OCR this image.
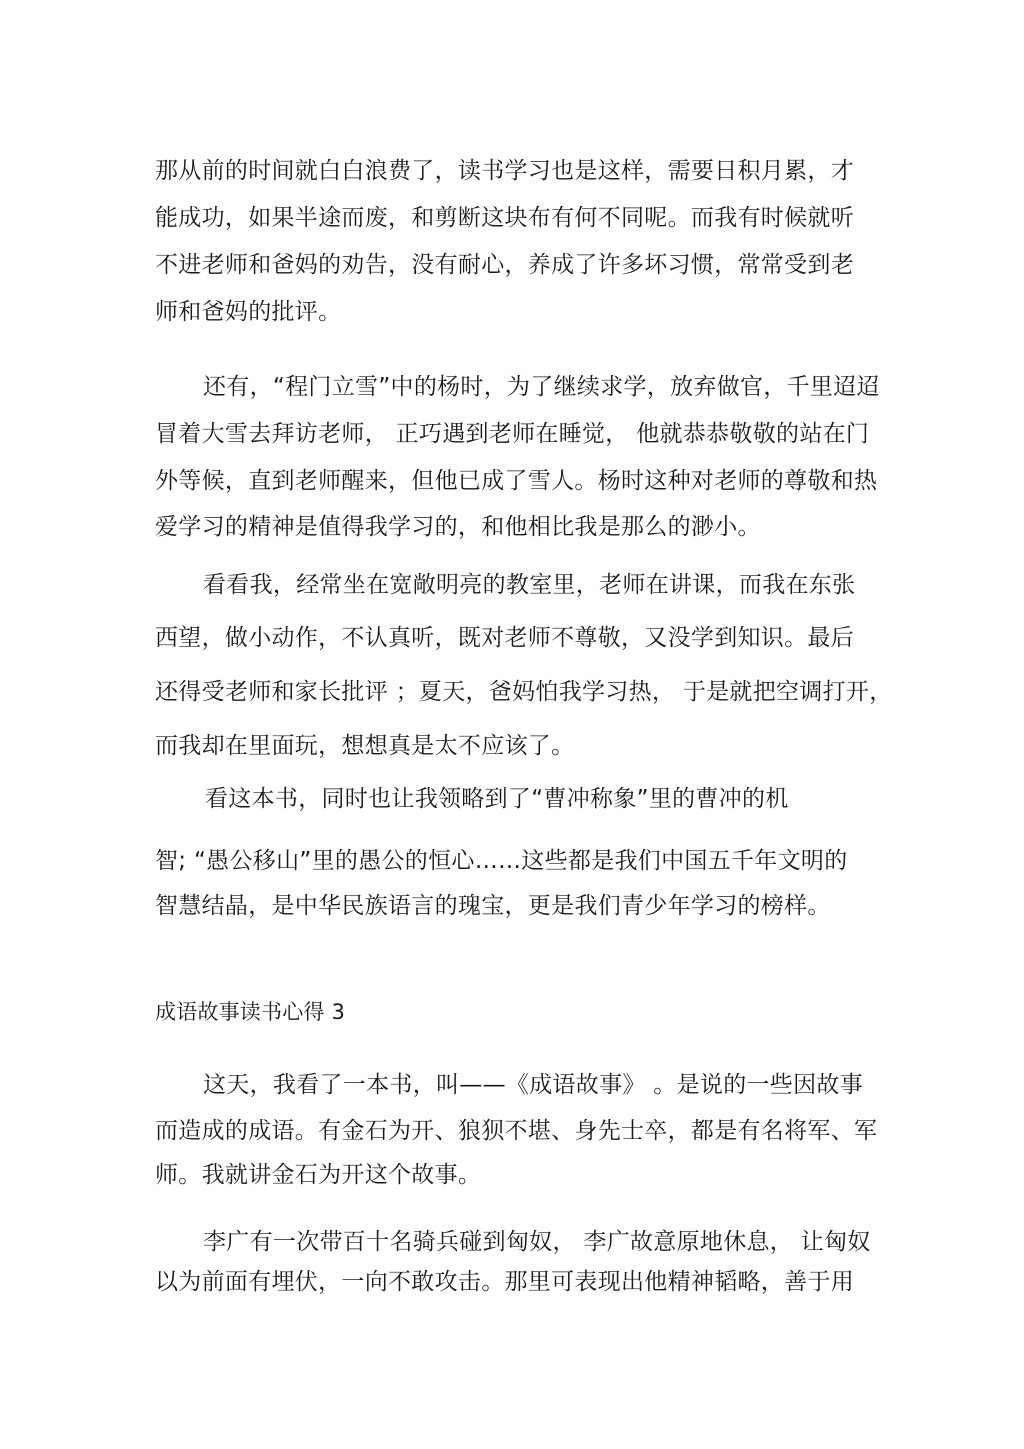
那从前的时间就白白浪费了，读书学习也是这样，需要日积月累，才

能成功，如果半途而废，和剪断这块布有何不同呢。而我有时候就听

不进老师和爸妈的劝告，没有耐心，养成了许多坏习惯，常常受到老

师和爸妈的批评。

还有，“程门立雪”中的杨时，为了继续求学，放弃做官，千里迢迢

冒着大雪去拜访老师， 正巧遇到老师在睡觉， 他就恭恭敬敬的站在门

外等候，直到老师醒来，但他已成了雪人。杨时这种对老师的尊敬和热

爱学习的精神是值得我学习的，和他相比我是那么的渺小。

看看我，经常坐在宽敞明亮的教室里，老师在讲课，而我在东张

西望，做小动作，不认真听，既对老师不尊敬，又没学到知识。最后

还得受老师和家长批评 ；夏天，爸妈怕我学习热， 于是就把空调打开，

而我却在里面玩，想想真是太不应该了。

看这本书，同时也让我领略到了“曹冲称象”里的曹冲的机

智; “愚公移山”里的愚公的恒心……这些都是我们中国五千年文明的

智慧结晶，是中华民族语言的瑰宝，更是我们青少年学习的榜样。

成语故事读书心得 3

这天，我看了一本书，叫——《成语故事》 。是说的一些因故事

而造成的成语。有金石为开、狼狈不堪、身先士卒，都是有名将军、军

师。我就讲金石为开这个故事。

李广有一次带百十名骑兵碰到匈奴， 李广故意原地休息， 让匈奴

以为前面有埋伏，一向不敢攻击。那里可表现出他精神韬略，善于用
